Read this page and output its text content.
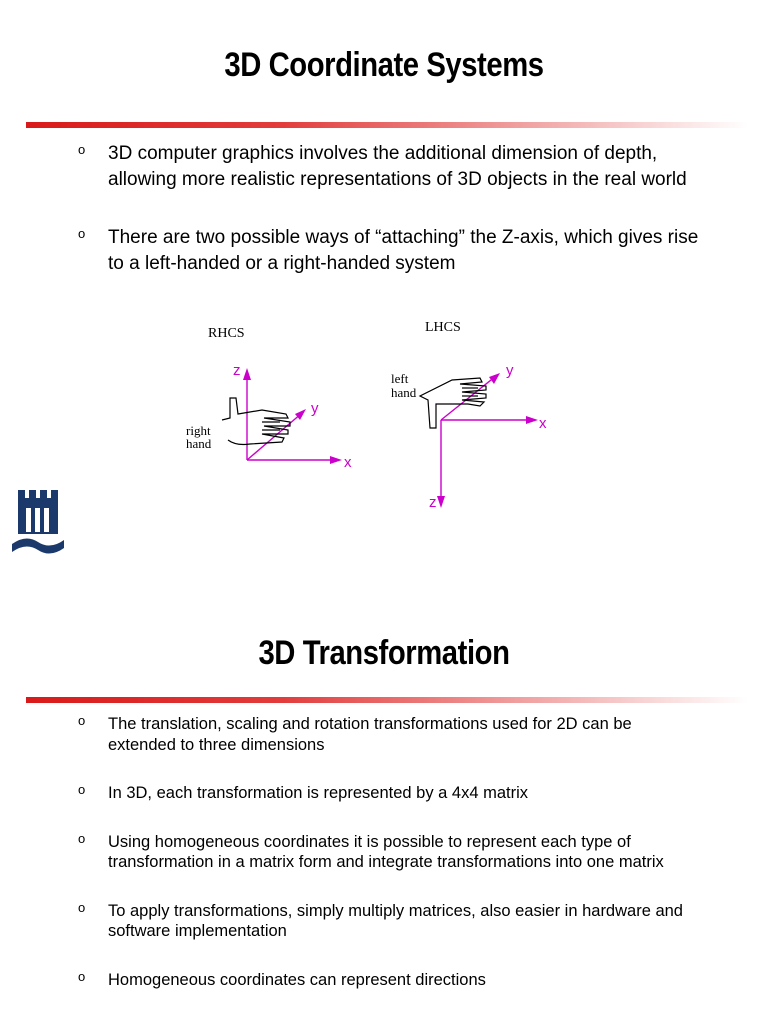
3D Coordinate Systems
o 3D computer graphics involves the additional dimension of depth, allowing more realistic representations of 3D objects in the real world
o There are two possible ways of “attaching” the Z-axis, which gives rise to a left-handed or a right-handed system
RHCS	LHCS
z
y
x
right
hand
y
x
z
left
hand
3D Transformation
o The translation, scaling and rotation transformations used for 2D can be extended to three dimensions
o In 3D, each transformation is represented by a 4x4 matrix
o Using homogeneous coordinates it is possible to represent each type of transformation in a matrix form and integrate transformations into one matrix
o To apply transformations, simply multiply matrices, also easier in hardware and software implementation
o Homogeneous coordinates can represent directions
